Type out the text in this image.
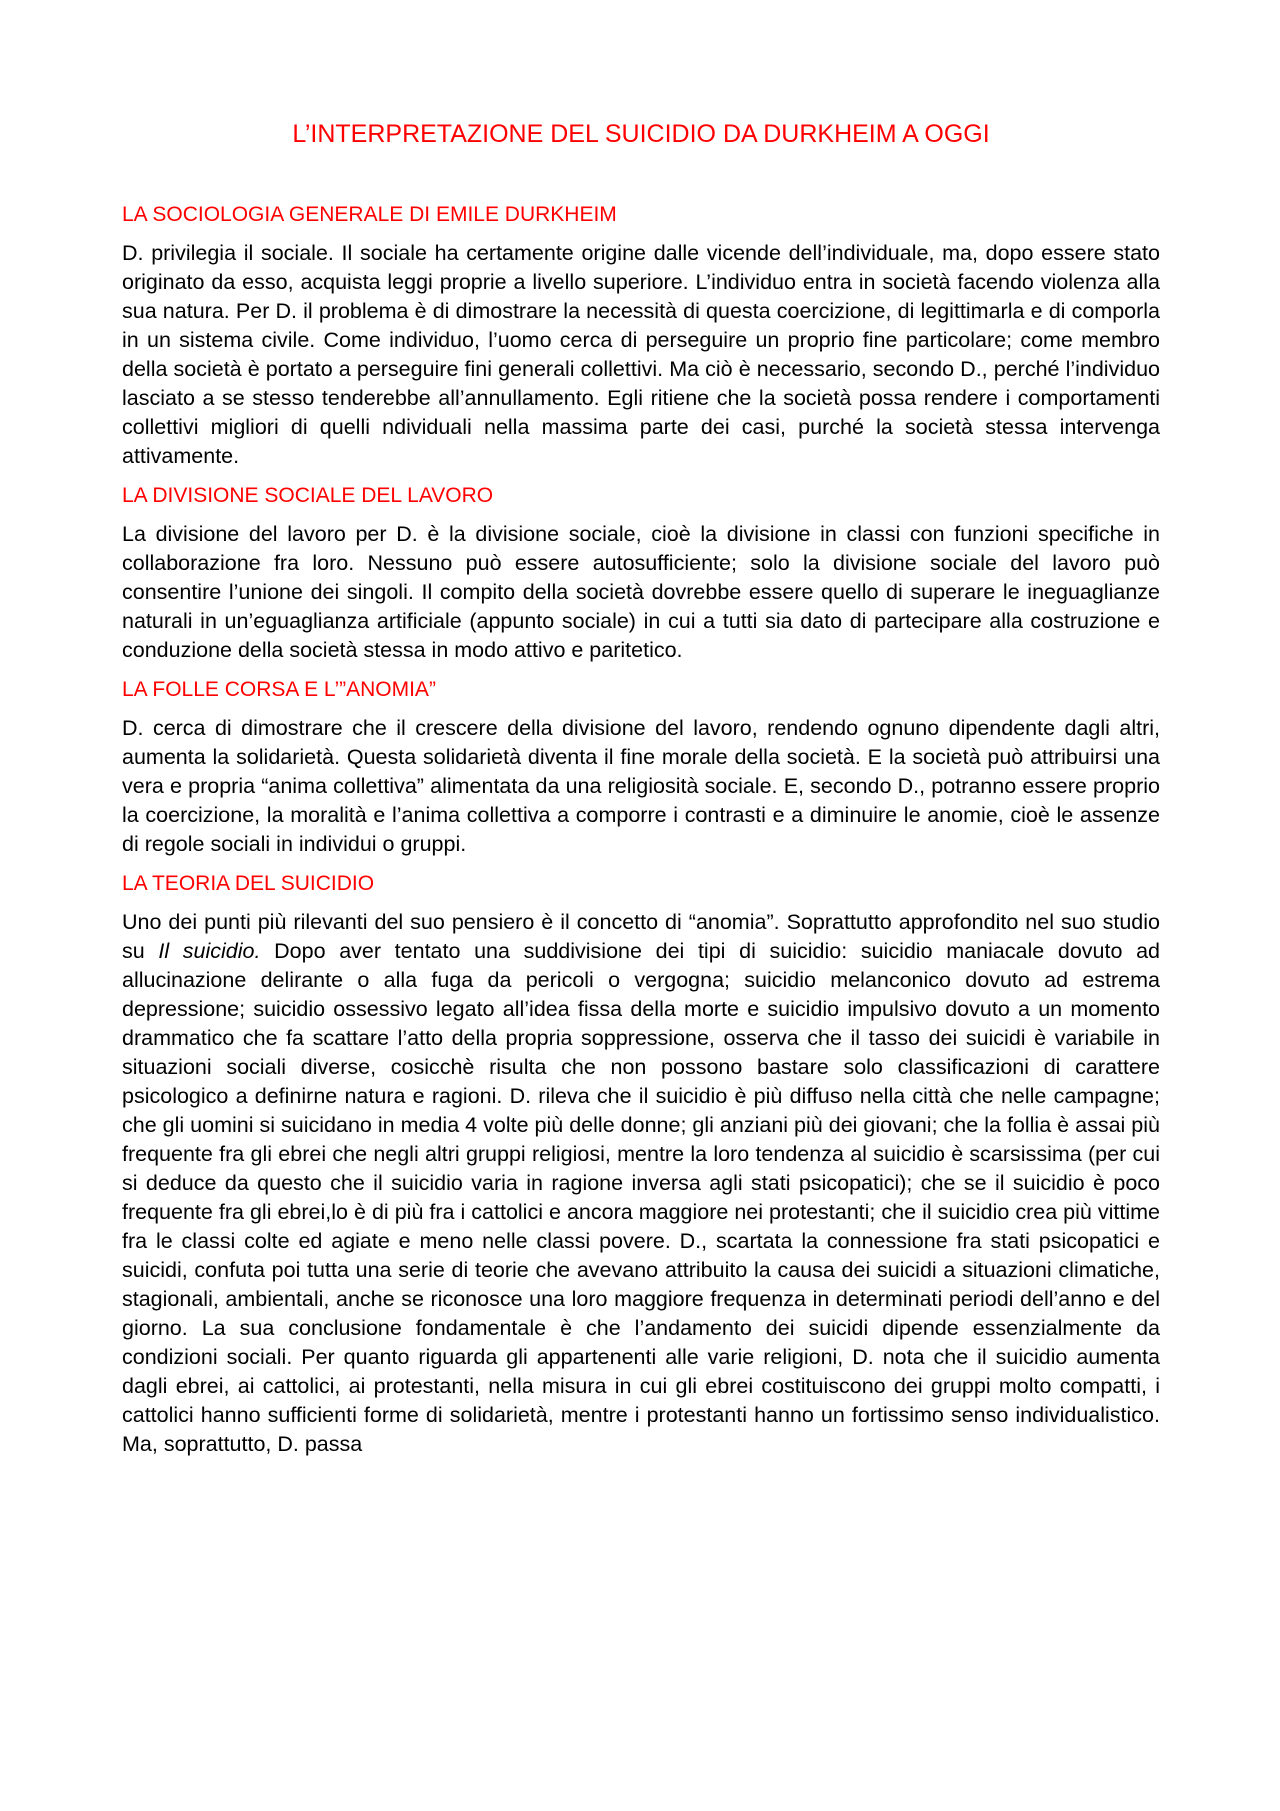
L’INTERPRETAZIONE DEL SUICIDIO DA DURKHEIM A OGGI
LA SOCIOLOGIA GENERALE DI EMILE DURKHEIM

D. privilegia il sociale. Il sociale ha certamente origine dalle vicende dell’individuale, ma, dopo essere stato originato da esso, acquista leggi proprie a livello superiore. L’individuo entra in società facendo violenza alla sua natura. Per D. il problema è di dimostrare la necessità di questa coercizione, di legittimarla e di comporla in un sistema civile. Come individuo, l’uomo cerca di perseguire un proprio fine particolare; come membro della società è portato a perseguire fini generali collettivi. Ma ciò è necessario, secondo D., perché l’individuo lasciato a se stesso tenderebbe all’annullamento. Egli ritiene che la società possa rendere i comportamenti collettivi migliori di quelli ndividuali nella massima parte dei casi, purché la società stessa intervenga attivamente.

LA DIVISIONE SOCIALE DEL LAVORO

La divisione del lavoro per D. è la divisione sociale, cioè la divisione in classi con funzioni specifiche in collaborazione fra loro. Nessuno può essere autosufficiente; solo la divisione sociale del lavoro può consentire l’unione dei singoli. Il compito della società dovrebbe essere quello di superare le ineguaglianze naturali in un’eguaglianza artificiale (appunto sociale) in cui a tutti sia dato di partecipare alla costruzione e conduzione della società stessa in modo attivo e paritetico.

LA FOLLE CORSA E L’”ANOMIA”

D. cerca di dimostrare che il crescere della divisione del lavoro, rendendo ognuno dipendente dagli altri, aumenta la solidarietà. Questa solidarietà diventa il fine morale della società. E la società può attribuirsi una vera e propria “anima collettiva” alimentata da una religiosità sociale. E, secondo D., potranno essere proprio la coercizione, la moralità e l’anima collettiva a comporre i contrasti e a diminuire le anomie, cioè le assenze di regole sociali in individui o gruppi.

LA TEORIA DEL SUICIDIO

Uno dei punti più rilevanti del suo pensiero è il concetto di “anomia”. Soprattutto approfondito nel suo studio su Il suicidio. Dopo aver tentato una suddivisione dei tipi di suicidio: suicidio maniacale dovuto ad allucinazione delirante o alla fuga da pericoli o vergogna; suicidio melanconico dovuto ad estrema depressione; suicidio ossessivo legato all’idea fissa della morte e suicidio impulsivo dovuto a un momento drammatico che fa scattare l’atto della propria soppressione, osserva che il tasso dei suicidi è variabile in situazioni sociali diverse, cosicchè risulta che non possono bastare solo classificazioni di carattere psicologico a definirne natura e ragioni. D. rileva che il suicidio è più diffuso nella città che nelle campagne; che gli uomini si suicidano in media 4 volte più delle donne; gli anziani più dei giovani; che la follia è assai più frequente fra gli ebrei che negli altri gruppi religiosi, mentre la loro tendenza al suicidio è scarsissima (per cui si deduce da questo che il suicidio varia in ragione inversa agli stati psicopatici); che se il suicidio è poco frequente fra gli ebrei,lo è di più fra i cattolici e ancora maggiore nei protestanti; che il suicidio crea più vittime fra le classi colte ed agiate e meno nelle classi povere. D., scartata la connessione fra stati psicopatici e suicidi, confuta poi tutta una serie di teorie che avevano attribuito la causa dei suicidi a situazioni climatiche, stagionali, ambientali, anche se riconosce una loro maggiore frequenza in determinati periodi dell’anno e del giorno. La sua conclusione fondamentale è che l’andamento dei suicidi dipende essenzialmente da condizioni sociali. Per quanto riguarda gli appartenenti alle varie religioni, D. nota che il suicidio aumenta dagli ebrei, ai cattolici, ai protestanti, nella misura in cui gli ebrei costituiscono dei gruppi molto compatti, i cattolici hanno sufficienti forme di solidarietà, mentre i protestanti hanno un fortissimo senso individualistico. Ma, soprattutto, D. passa
